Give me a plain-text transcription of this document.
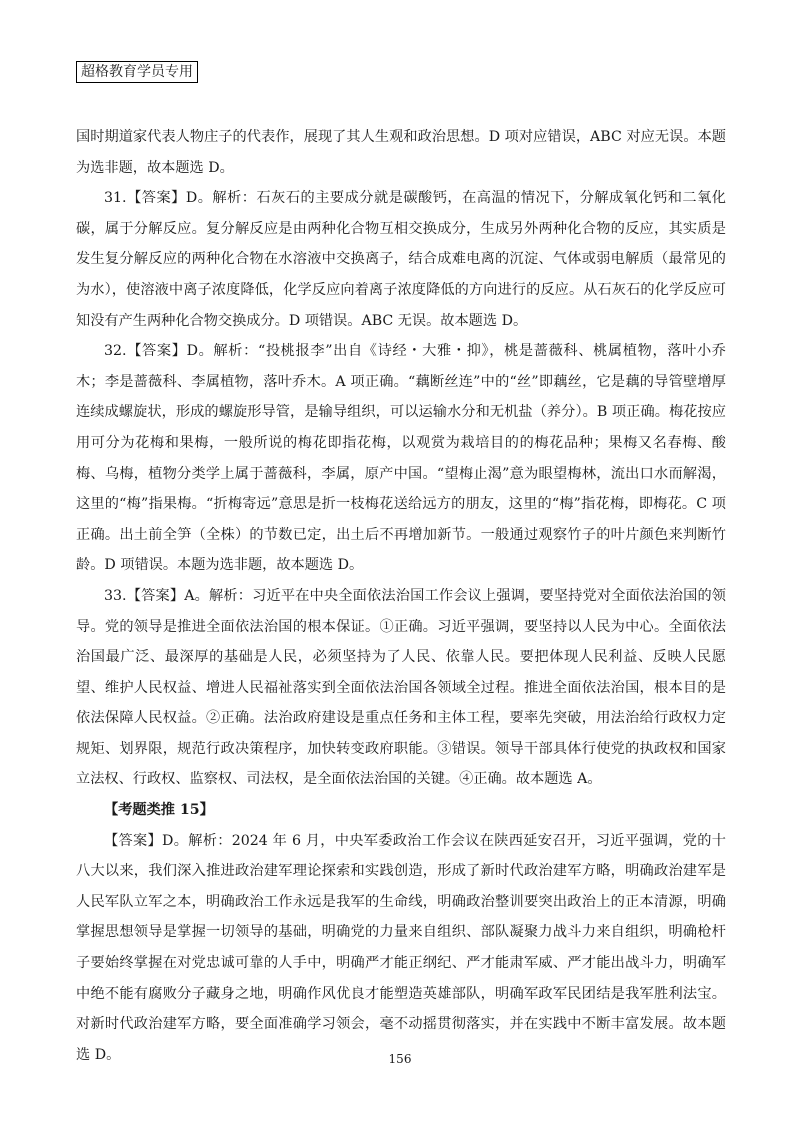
超格教育学员专用

国时期道家代表人物庄子的代表作，展现了其人生观和政治思想。D 项对应错误，ABC 对应无误。本题为选非题，故本题选 D。

31.【答案】D。解析：石灰石的主要成分就是碳酸钙，在高温的情况下，分解成氧化钙和二氧化碳，属于分解反应。复分解反应是由两种化合物互相交换成分，生成另外两种化合物的反应，其实质是发生复分解反应的两种化合物在水溶液中交换离子，结合成难电离的沉淀、气体或弱电解质（最常见的为水），使溶液中离子浓度降低，化学反应向着离子浓度降低的方向进行的反应。从石灰石的化学反应可知没有产生两种化合物交换成分。D 项错误。ABC 无误。故本题选 D。

32.【答案】D。解析：“投桃报李”出自《诗经・大雅・抑》，桃是蔷薇科、桃属植物，落叶小乔木；李是蔷薇科、李属植物，落叶乔木。A 项正确。“藕断丝连”中的“丝”即藕丝，它是藕的导管壁增厚连续成螺旋状，形成的螺旋形导管，是输导组织，可以运输水分和无机盐（养分）。B 项正确。梅花按应用可分为花梅和果梅，一般所说的梅花即指花梅，以观赏为栽培目的的梅花品种；果梅又名春梅、酸梅、乌梅，植物分类学上属于蔷薇科，李属，原产中国。“望梅止渴”意为眼望梅林，流出口水而解渴，这里的“梅”指果梅。“折梅寄远”意思是折一枝梅花送给远方的朋友，这里的“梅”指花梅，即梅花。C 项正确。出土前全笋（全株）的节数已定，出土后不再增加新节。一般通过观察竹子的叶片颜色来判断竹龄。D 项错误。本题为选非题，故本题选 D。

33.【答案】A。解析：习近平在中央全面依法治国工作会议上强调，要坚持党对全面依法治国的领导。党的领导是推进全面依法治国的根本保证。①正确。习近平强调，要坚持以人民为中心。全面依法治国最广泛、最深厚的基础是人民，必须坚持为了人民、依靠人民。要把体现人民利益、反映人民愿望、维护人民权益、增进人民福祉落实到全面依法治国各领域全过程。推进全面依法治国，根本目的是依法保障人民权益。②正确。法治政府建设是重点任务和主体工程，要率先突破，用法治给行政权力定规矩、划界限，规范行政决策程序，加快转变政府职能。③错误。领导干部具体行使党的执政权和国家立法权、行政权、监察权、司法权，是全面依法治国的关键。④正确。故本题选 A。

【考题类推 15】

【答案】D。解析：2024 年 6 月，中央军委政治工作会议在陕西延安召开，习近平强调，党的十八大以来，我们深入推进政治建军理论探索和实践创造，形成了新时代政治建军方略，明确政治建军是人民军队立军之本，明确政治工作永远是我军的生命线，明确政治整训要突出政治上的正本清源，明确掌握思想领导是掌握一切领导的基础，明确党的力量来自组织、部队凝聚力战斗力来自组织，明确枪杆子要始终掌握在对党忠诚可靠的人手中，明确严才能正纲纪、严才能肃军威、严才能出战斗力，明确军中绝不能有腐败分子藏身之地，明确作风优良才能塑造英雄部队，明确军政军民团结是我军胜利法宝。对新时代政治建军方略，要全面准确学习领会，毫不动摇贯彻落实，并在实践中不断丰富发展。故本题选 D。	156
